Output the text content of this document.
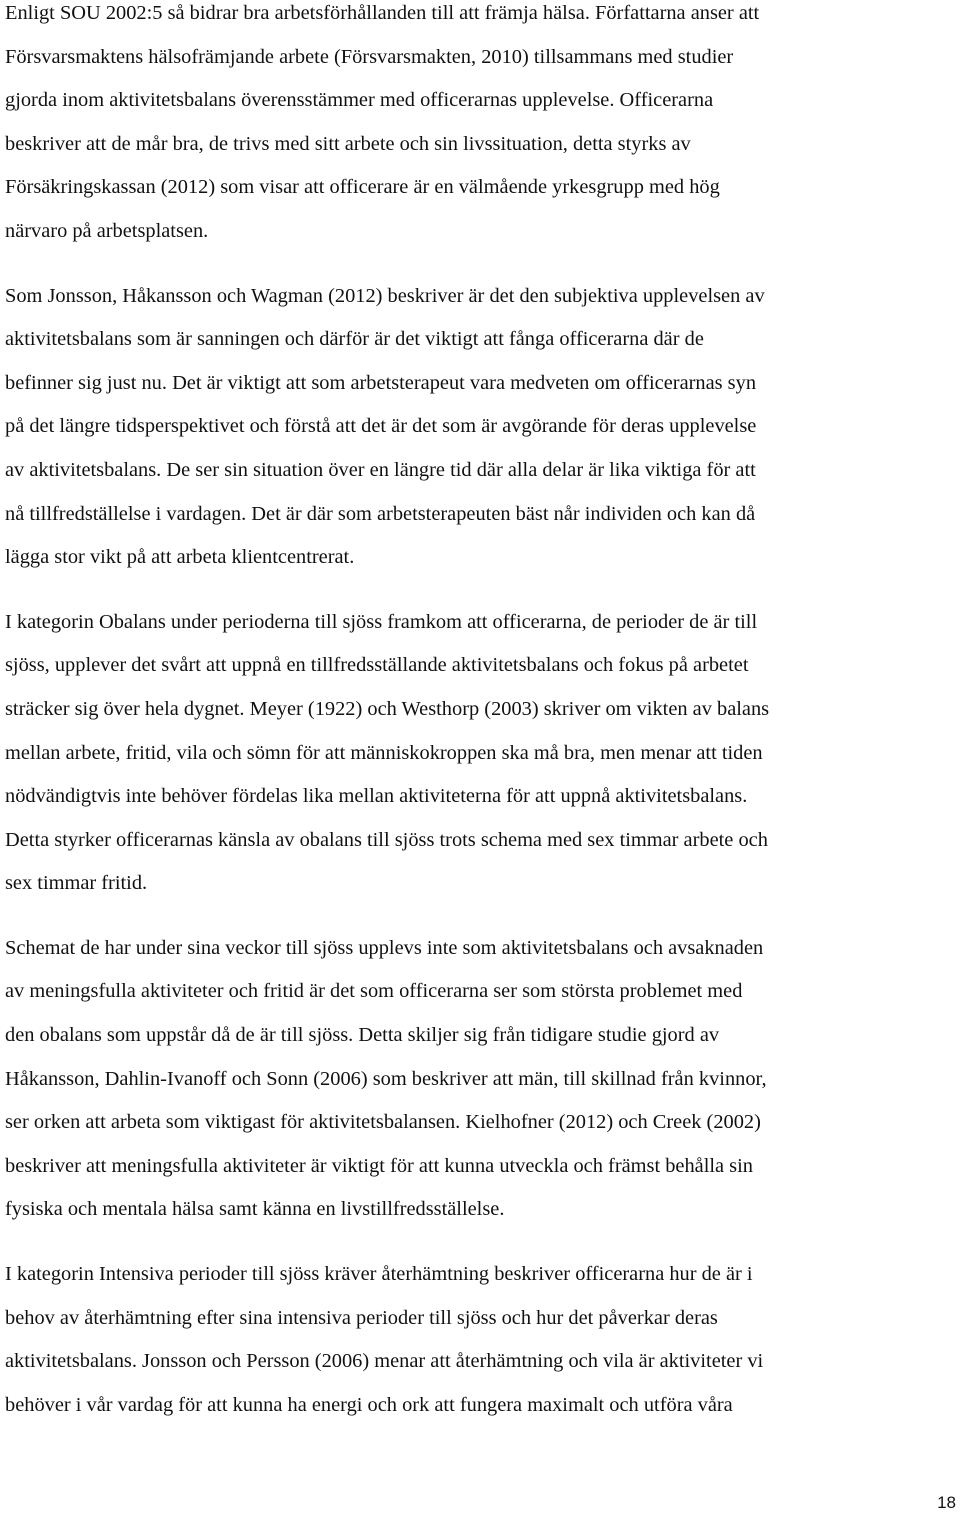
Enligt SOU 2002:5 så bidrar bra arbetsförhållanden till att främja hälsa. Författarna anser att
Försvarsmaktens hälsofrämjande arbete (Försvarsmakten, 2010) tillsammans med studier
gjorda inom aktivitetsbalans överensstämmer med officerarnas upplevelse. Officerarna
beskriver att de mår bra, de trivs med sitt arbete och sin livssituation, detta styrks av
Försäkringskassan (2012) som visar att officerare är en välmående yrkesgrupp med hög
närvaro på arbetsplatsen.

Som Jonsson, Håkansson och Wagman (2012) beskriver är det den subjektiva upplevelsen av
aktivitetsbalans som är sanningen och därför är det viktigt att fånga officerarna där de
befinner sig just nu. Det är viktigt att som arbetsterapeut vara medveten om officerarnas syn
på det längre tidsperspektivet och förstå att det är det som är avgörande för deras upplevelse
av aktivitetsbalans. De ser sin situation över en längre tid där alla delar är lika viktiga för att
nå tillfredställelse i vardagen. Det är där som arbetsterapeuten bäst når individen och kan då
lägga stor vikt på att arbeta klientcentrerat.

I kategorin Obalans under perioderna till sjöss framkom att officerarna, de perioder de är till
sjöss, upplever det svårt att uppnå en tillfredsställande aktivitetsbalans och fokus på arbetet
sträcker sig över hela dygnet. Meyer (1922) och Westhorp (2003) skriver om vikten av balans
mellan arbete, fritid, vila och sömn för att människokroppen ska må bra, men menar att tiden
nödvändigtvis inte behöver fördelas lika mellan aktiviteterna för att uppnå aktivitetsbalans.
Detta styrker officerarnas känsla av obalans till sjöss trots schema med sex timmar arbete och
sex timmar fritid.

Schemat de har under sina veckor till sjöss upplevs inte som aktivitetsbalans och avsaknaden
av meningsfulla aktiviteter och fritid är det som officerarna ser som största problemet med
den obalans som uppstår då de är till sjöss. Detta skiljer sig från tidigare studie gjord av
Håkansson, Dahlin-Ivanoff och Sonn (2006) som beskriver att män, till skillnad från kvinnor,
ser orken att arbeta som viktigast för aktivitetsbalansen. Kielhofner (2012) och Creek (2002)
beskriver att meningsfulla aktiviteter är viktigt för att kunna utveckla och främst behålla sin
fysiska och mentala hälsa samt känna en livstillfredsställelse.

I kategorin Intensiva perioder till sjöss kräver återhämtning beskriver officerarna hur de är i
behov av återhämtning efter sina intensiva perioder till sjöss och hur det påverkar deras
aktivitetsbalans. Jonsson och Persson (2006) menar att återhämtning och vila är aktiviteter vi
behöver i vår vardag för att kunna ha energi och ork att fungera maximalt och utföra våra

18
